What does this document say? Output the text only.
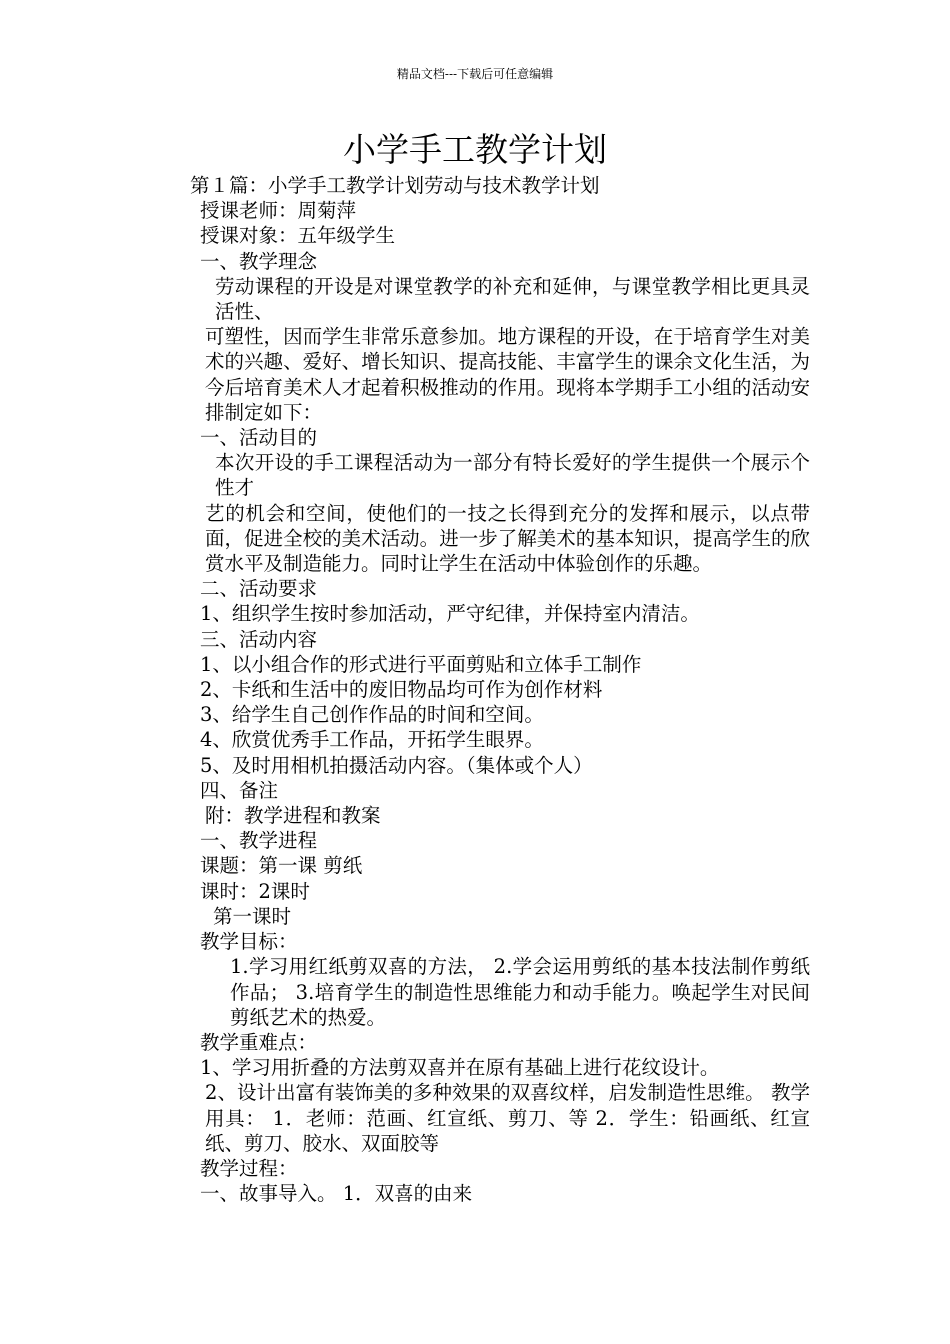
精品文档---下载后可任意编辑
小学手工教学计划
第１篇：小学手工教学计划劳动与技术教学计划
授课老师：周菊萍
授课对象：五年级学生
一、教学理念
劳动课程的开设是对课堂教学的补充和延伸，与课堂教学相比更具灵活性、
可塑性，因而学生非常乐意参加。地方课程的开设，在于培育学生对美术的兴趣、爱好、增长知识、提高技能、丰富学生的课余文化生活，为今后培育美术人才起着积极推动的作用。现将本学期手工小组的活动安排制定如下：
一、活动目的
本次开设的手工课程活动为一部分有特长爱好的学生提供一个展示个性才
艺的机会和空间，使他们的一技之长得到充分的发挥和展示，以点带面，促进全校的美术活动。进一步了解美术的基本知识，提高学生的欣赏水平及制造能力。同时让学生在活动中体验创作的乐趣。
二、活动要求
1、组织学生按时参加活动，严守纪律，并保持室内清洁。
三、活动内容
1、以小组合作的形式进行平面剪贴和立体手工制作
2、卡纸和生活中的废旧物品均可作为创作材料
3、给学生自己创作作品的时间和空间。
4、欣赏优秀手工作品，开拓学生眼界。
5、及时用相机拍摄活动内容。（集体或个人）
四、备注
附：教学进程和教案
一、教学进程
课题：第一课 剪纸
课时：2课时
第一课时
教学目标：
1.学习用红纸剪双喜的方法， 2.学会运用剪纸的基本技法制作剪纸作品； 3.培育学生的制造性思维能力和动手能力。唤起学生对民间剪纸艺术的热爱。
教学重难点：
1、学习用折叠的方法剪双喜并在原有基础上进行花纹设计。
2、设计出富有装饰美的多种效果的双喜纹样，启发制造性思维。 教学用具： 1．老师：范画、红宣纸、剪刀、等 2．学生：铅画纸、红宣纸、剪刀、胶水、双面胶等
教学过程：
一、故事导入。 1．双喜的由来
